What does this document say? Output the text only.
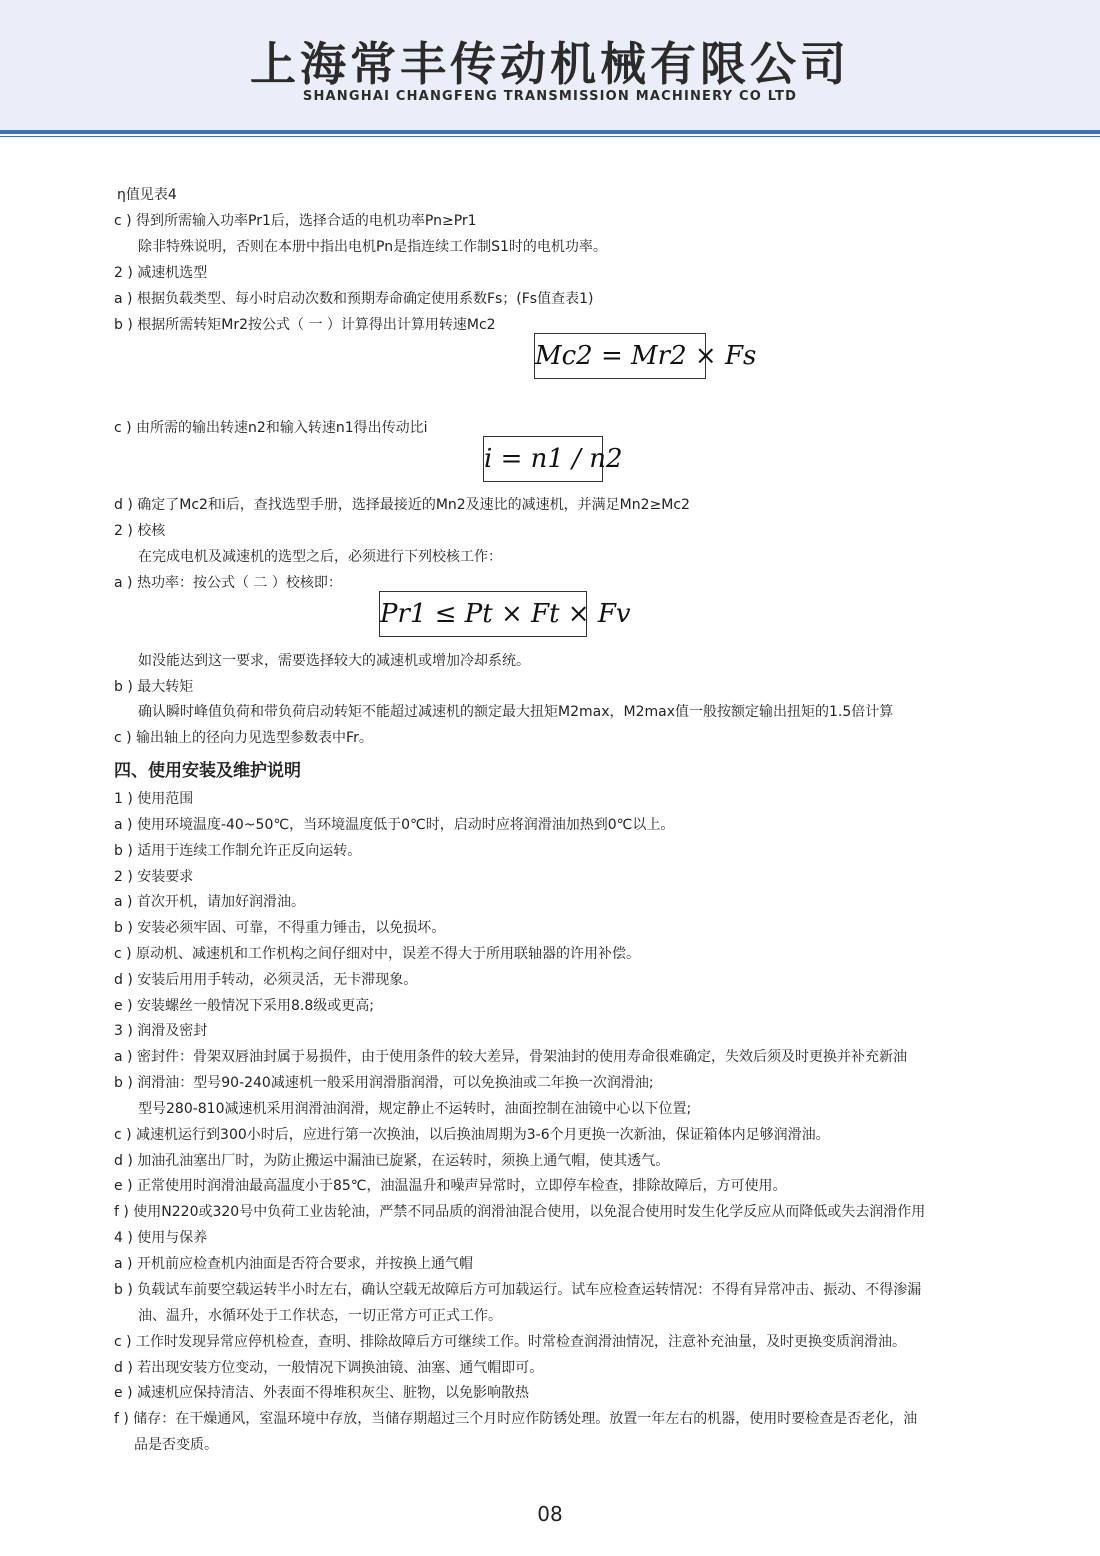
上海常丰传动机械有限公司
SHANGHAI CHANGFENG TRANSMISSION MACHINERY CO LTD
η值见表4
c ) 得到所需输入功率Pr1后，选择合适的电机功率Pn≥Pr1
除非特殊说明，否则在本册中指出电机Pn是指连续工作制S1时的电机功率。
2 ) 减速机选型
a ) 根据负载类型、每小时启动次数和预期寿命确定使用系数Fs；(Fs值查表1)
b ) 根据所需转矩Mr2按公式（ 一 ）计算得出计算用转速Mc2
Mc2 = Mr2 × Fs
c ) 由所需的输出转速n2和输入转速n1得出传动比i
i = n1 / n2
d ) 确定了Mc2和i后，查找选型手册，选择最接近的Mn2及速比的减速机，并满足Mn2≥Mc2
2 ) 校核
在完成电机及减速机的选型之后，必须进行下列校核工作：
a ) 热功率：按公式（ 二 ）校核即：
Pr1 ≤ Pt × Ft × Fv
如没能达到这一要求，需要选择较大的减速机或增加冷却系统。
b ) 最大转矩
确认瞬时峰值负荷和带负荷启动转矩不能超过减速机的额定最大扭矩M2max，M2max值一般按额定输出扭矩的1.5倍计算
c ) 输出轴上的径向力见选型参数表中Fr。
四、使用安装及维护说明
1 ) 使用范围
a ) 使用环境温度-40~50℃，当环境温度低于0℃时，启动时应将润滑油加热到0℃以上。
b ) 适用于连续工作制允许正反向运转。
2 ) 安装要求
a ) 首次开机，请加好润滑油。
b ) 安装必须牢固、可靠，不得重力锤击，以免损坏。
c ) 原动机、减速机和工作机构之间仔细对中，误差不得大于所用联轴器的许用补偿。
d ) 安装后用用手转动，必须灵活，无卡滞现象。
e ) 安装螺丝一般情况下采用8.8级或更高;
3 ) 润滑及密封
a ) 密封件：骨架双唇油封属于易损件，由于使用条件的较大差异，骨架油封的使用寿命很难确定，失效后须及时更换并补充新油
b ) 润滑油：型号90-240减速机一般采用润滑脂润滑，可以免换油或二年换一次润滑油;
型号280-810减速机采用润滑油润滑，规定静止不运转时，油面控制在油镜中心以下位置;
c ) 减速机运行到300小时后，应进行第一次换油，以后换油周期为3-6个月更换一次新油，保证箱体内足够润滑油。
d ) 加油孔油塞出厂时，为防止搬运中漏油已旋紧，在运转时，须换上通气帽，使其透气。
e ) 正常使用时润滑油最高温度小于85℃，油温温升和噪声异常时，立即停车检查，排除故障后，方可使用。
f ) 使用N220或320号中负荷工业齿轮油，严禁不同品质的润滑油混合使用，以免混合使用时发生化学反应从而降低或失去润滑作用
4 ) 使用与保养
a ) 开机前应检查机内油面是否符合要求，并按换上通气帽
b ) 负载试车前要空载运转半小时左右，确认空载无故障后方可加载运行。试车应检查运转情况：不得有异常冲击、振动、不得渗漏
油、温升，水循环处于工作状态，一切正常方可正式工作。
c ) 工作时发现异常应停机检查，查明、排除故障后方可继续工作。时常检查润滑油情况，注意补充油量，及时更换变质润滑油。
d ) 若出现安装方位变动，一般情况下调换油镜、油塞、通气帽即可。
e ) 减速机应保持清洁、外表面不得堆积灰尘、脏物，以免影响散热
f ) 储存：在干燥通风，室温环境中存放，当储存期超过三个月时应作防锈处理。放置一年左右的机器，使用时要检查是否老化，油
品是否变质。
08
